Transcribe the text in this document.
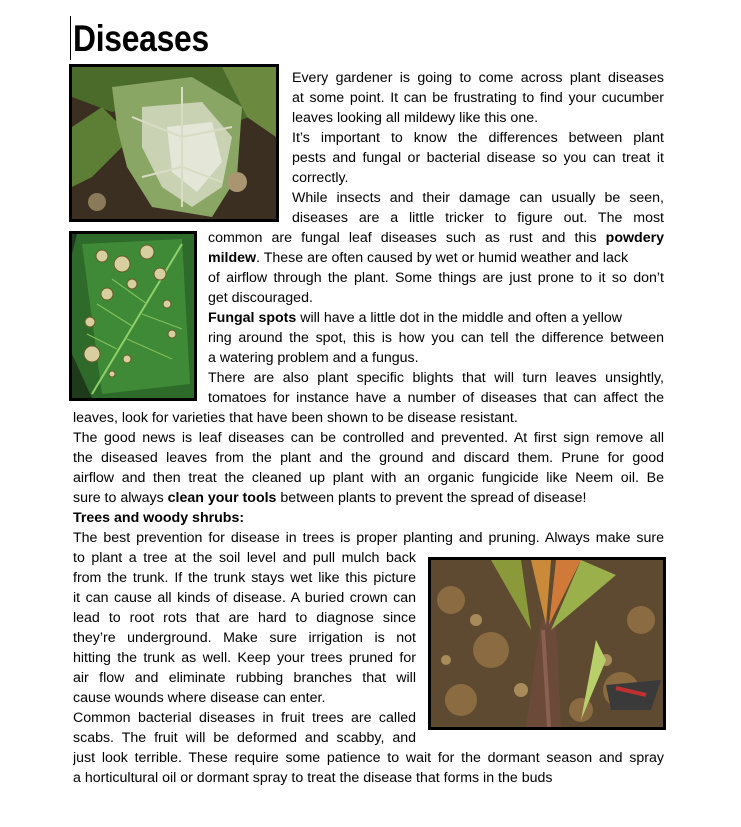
Diseases
Every gardener is going to come across plant diseases
at some point. It can be frustrating to find your cucumber
leaves looking all mildewy like this one.
It’s important to know the differences between plant
pests and fungal or bacterial disease so you can treat it
correctly.
While insects and their damage can usually be seen,
diseases are a little tricker to figure out. The most
common are fungal leaf diseases such as rust and this powdery
mildew. These are often caused by wet or humid weather and lack
of airflow through the plant. Some things are just prone to it so don’t
get discouraged.
Fungal spots will have a little dot in the middle and often a yellow
ring around the spot, this is how you can tell the difference between
a watering problem and a fungus.
There are also plant specific blights that will turn leaves unsightly,
tomatoes for instance have a number of diseases that can affect the
leaves, look for varieties that have been shown to be disease resistant.
The good news is leaf diseases can be controlled and prevented. At first sign remove all
the diseased leaves from the plant and the ground and discard them. Prune for good
airflow and then treat the cleaned up plant with an organic fungicide like Neem oil. Be
sure to always clean your tools between plants to prevent the spread of disease!
Trees and woody shrubs:
The best prevention for disease in trees is proper planting and pruning. Always make sure
to plant a tree at the soil level and pull mulch back
from the trunk. If the trunk stays wet like this picture
it can cause all kinds of disease. A buried crown can
lead to root rots that are hard to diagnose since
they’re underground. Make sure irrigation is not
hitting the trunk as well. Keep your trees pruned for
air flow and eliminate rubbing branches that will
cause wounds where disease can enter.
Common bacterial diseases in fruit trees are called
scabs. The fruit will be deformed and scabby, and
just look terrible. These require some patience to wait for the dormant season and spray
a horticultural oil or dormant spray to treat the disease that forms in the buds
